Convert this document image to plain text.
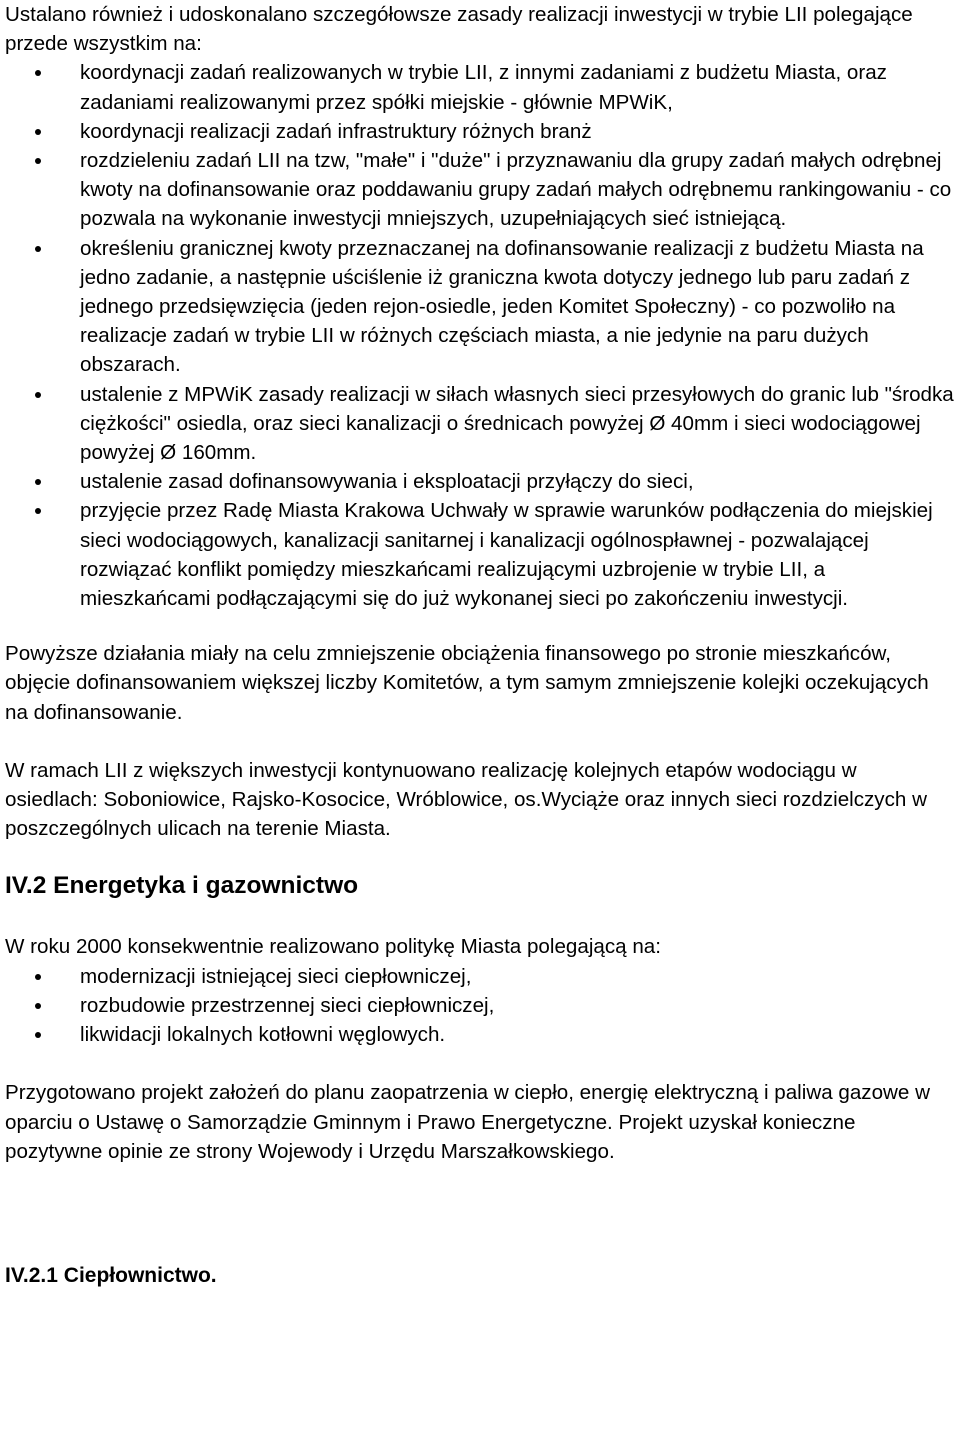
Ustalano również i udoskonalano szczegółowsze zasady realizacji inwestycji w trybie LII polegające przede wszystkim na:

koordynacji zadań realizowanych w trybie LII, z innymi zadaniami z budżetu Miasta, oraz zadaniami realizowanymi przez spółki miejskie - głównie MPWiK,
koordynacji realizacji zadań infrastruktury różnych branż
rozdzieleniu zadań LII na tzw, "małe" i "duże" i przyznawaniu dla grupy zadań małych odrębnej kwoty na dofinansowanie oraz poddawaniu grupy zadań małych odrębnemu rankingowaniu - co pozwala na wykonanie inwestycji mniejszych, uzupełniających sieć istniejącą.
określeniu granicznej kwoty przeznaczanej na dofinansowanie realizacji z budżetu Miasta na jedno zadanie, a następnie uściślenie iż graniczna kwota dotyczy jednego lub paru zadań z jednego przedsięwzięcia (jeden rejon-osiedle, jeden Komitet Społeczny) - co pozwoliło na realizacje zadań w trybie LII w różnych częściach miasta, a nie jedynie na paru dużych obszarach.
ustalenie z MPWiK zasady realizacji w siłach własnych sieci przesyłowych do granic lub "środka ciężkości" osiedla, oraz sieci kanalizacji o średnicach powyżej Ø 40mm i sieci wodociągowej powyżej Ø 160mm.
ustalenie zasad dofinansowywania i eksploatacji przyłączy do sieci,
przyjęcie przez Radę Miasta Krakowa Uchwały w sprawie warunków podłączenia do miejskiej sieci wodociągowych, kanalizacji sanitarnej i kanalizacji ogólnospławnej - pozwalającej rozwiązać konflikt pomiędzy mieszkańcami realizującymi uzbrojenie w trybie LII, a mieszkańcami podłączającymi się do już wykonanej sieci po zakończeniu inwestycji.

Powyższe działania miały na celu zmniejszenie obciążenia finansowego po stronie mieszkańców, objęcie dofinansowaniem większej liczby Komitetów, a tym samym zmniejszenie kolejki oczekujących na dofinansowanie.

W ramach LII z większych inwestycji kontynuowano realizację kolejnych etapów wodociągu w osiedlach: Soboniowice, Rajsko-Kosocice, Wróblowice, os.Wyciąże oraz innych sieci rozdzielczych w poszczególnych ulicach na terenie Miasta.

IV.2 Energetyka i gazownictwo

W roku 2000 konsekwentnie realizowano politykę Miasta polegającą na:

modernizacji istniejącej sieci ciepłowniczej,
rozbudowie przestrzennej sieci ciepłowniczej,
likwidacji lokalnych kotłowni węglowych.

Przygotowano projekt założeń do planu zaopatrzenia w ciepło, energię elektryczną i paliwa gazowe w oparciu o Ustawę o Samorządzie Gminnym i Prawo Energetyczne. Projekt uzyskał konieczne pozytywne opinie ze strony Wojewody i Urzędu Marszałkowskiego.

IV.2.1 Ciepłownictwo.
